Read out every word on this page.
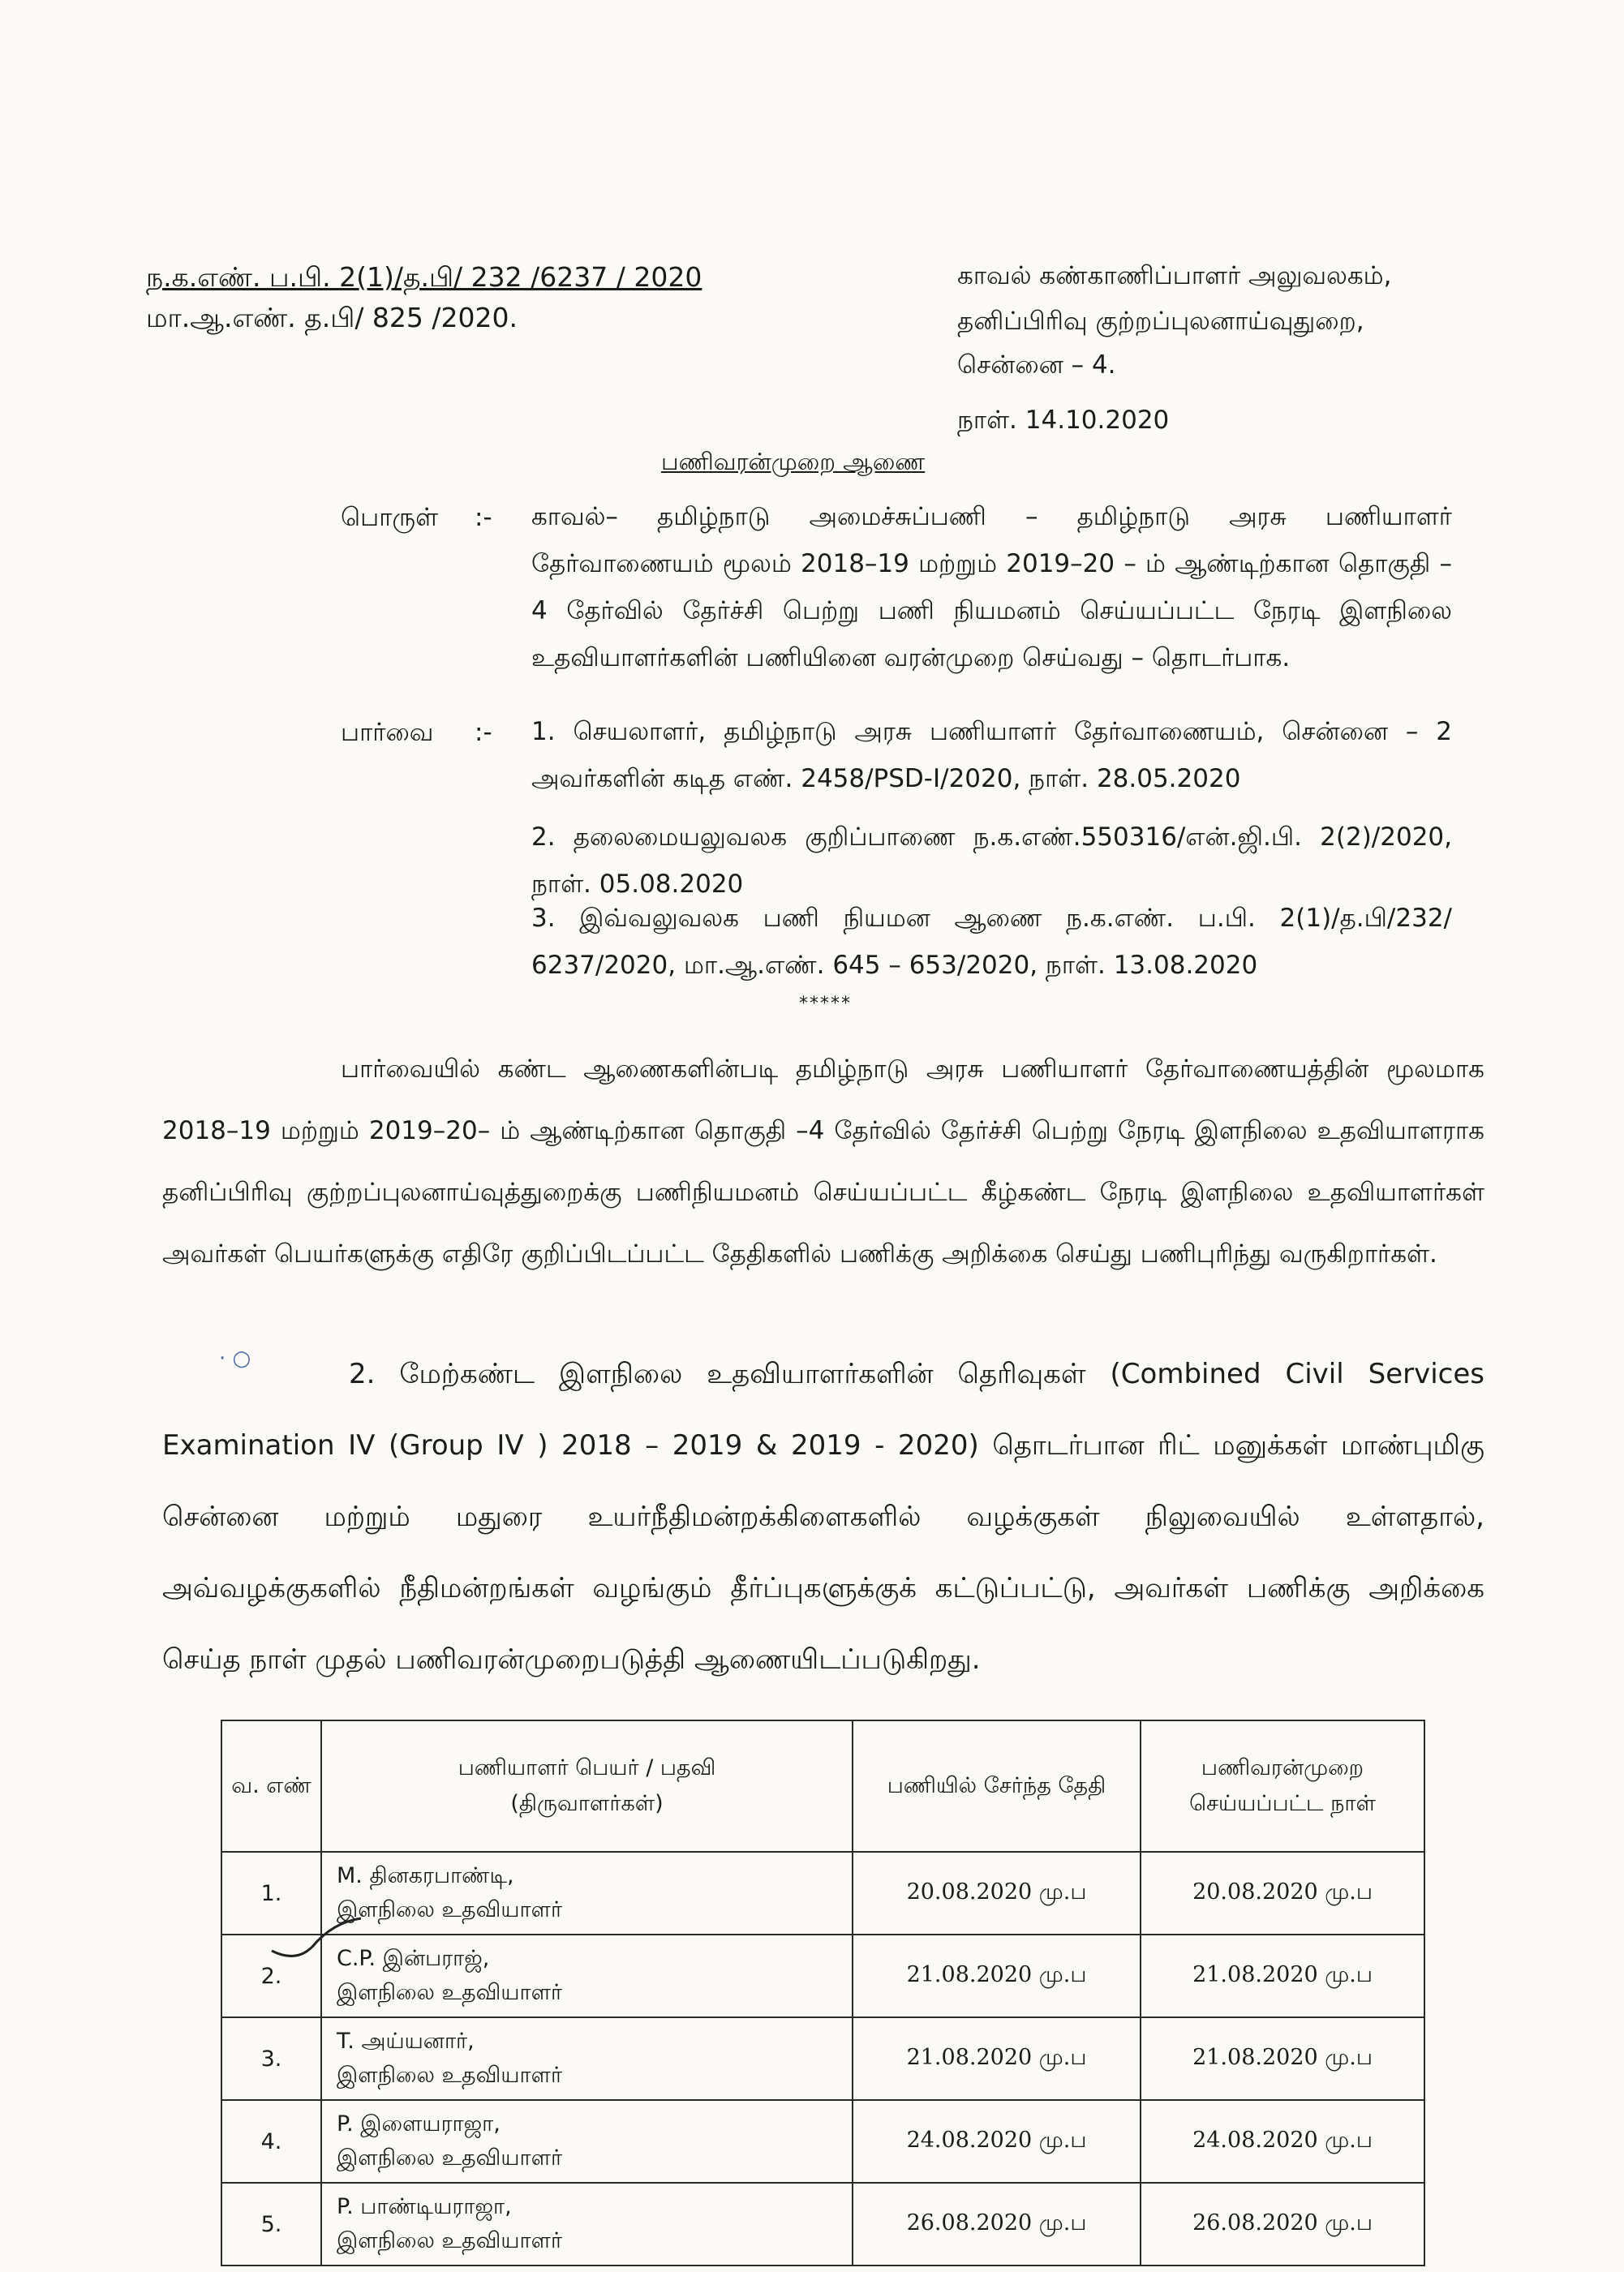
ந.க.எண். ப.பி. 2(1)/த.பி/ 232 /6237 / 2020
மா.ஆ.எண். த.பி/ 825 /2020.
காவல் கண்காணிப்பாளர் அலுவலகம்,
தனிப்பிரிவு குற்றப்புலனாய்வுதுறை,
சென்னை – 4.
நாள். 14.10.2020
பணிவரன்முறை ஆணை
பொருள் :- காவல்– தமிழ்நாடு அமைச்சுப்பணி – தமிழ்நாடு அரசு பணியாளர் தேர்வாணையம் மூலம் 2018–19 மற்றும் 2019–20 – ம் ஆண்டிற்கான தொகுதி –4 தேர்வில் தேர்ச்சி பெற்று பணி நியமனம் செய்யப்பட்ட நேரடி இளநிலை உதவியாளர்களின் பணியினை வரன்முறை செய்வது – தொடர்பாக.
பார்வை :- 1. செயலாளர், தமிழ்நாடு அரசு பணியாளர் தேர்வாணையம், சென்னை – 2 அவர்களின் கடித எண். 2458/PSD-I/2020, நாள். 28.05.2020
2. தலைமையலுவலக குறிப்பாணை ந.க.எண்.550316/என்.ஜி.பி. 2(2)/2020, நாள். 05.08.2020
3. இவ்வலுவலக பணி நியமன ஆணை ந.க.எண். ப.பி. 2(1)/த.பி/232/ 6237/2020, மா.ஆ.எண். 645 – 653/2020, நாள். 13.08.2020
*****
பார்வையில் கண்ட ஆணைகளின்படி தமிழ்நாடு அரசு பணியாளர் தேர்வாணையத்தின் மூலமாக 2018–19 மற்றும் 2019–20– ம் ஆண்டிற்கான தொகுதி –4 தேர்வில் தேர்ச்சி பெற்று நேரடி இளநிலை உதவியாளராக தனிப்பிரிவு குற்றப்புலனாய்வுத்துறைக்கு பணிநியமனம் செய்யப்பட்ட கீழ்கண்ட நேரடி இளநிலை உதவியாளர்கள் அவர்கள் பெயர்களுக்கு எதிரே குறிப்பிடப்பட்ட தேதிகளில் பணிக்கு அறிக்கை செய்து பணிபுரிந்து வருகிறார்கள்.
· ○	2. மேற்கண்ட இளநிலை உதவியாளர்களின் தெரிவுகள் (Combined Civil Services Examination IV (Group IV ) 2018 – 2019 & 2019 - 2020) தொடர்பான ரிட் மனுக்கள் மாண்புமிகு சென்னை மற்றும் மதுரை உயர்நீதிமன்றக்கிளைகளில் வழக்குகள் நிலுவையில் உள்ளதால், அவ்வழக்குகளில் நீதிமன்றங்கள் வழங்கும் தீர்ப்புகளுக்குக் கட்டுப்பட்டு, அவர்கள் பணிக்கு அறிக்கை செய்த நாள் முதல் பணிவரன்முறைபடுத்தி ஆணையிடப்படுகிறது.
வ. எண்	பணியாளர் பெயர் / பதவி (திருவாளர்கள்)	பணியில் சேர்ந்த தேதி	பணிவரன்முறை செய்யப்பட்ட நாள்
1.	M. தினகரபாண்டி,
இளநிலை உதவியாளர்	20.08.2020 மு.ப	20.08.2020 மு.ப
2.	C.P. இன்பராஜ்,
இளநிலை உதவியாளர்	21.08.2020 மு.ப	21.08.2020 மு.ப
3.	T. அய்யனார்,
இளநிலை உதவியாளர்	21.08.2020 மு.ப	21.08.2020 மு.ப
4.	P. இளையராஜா,
இளநிலை உதவியாளர்	24.08.2020 மு.ப	24.08.2020 மு.ப
5.	P. பாண்டியராஜா,
இளநிலை உதவியாளர்	26.08.2020 மு.ப	26.08.2020 மு.ப
